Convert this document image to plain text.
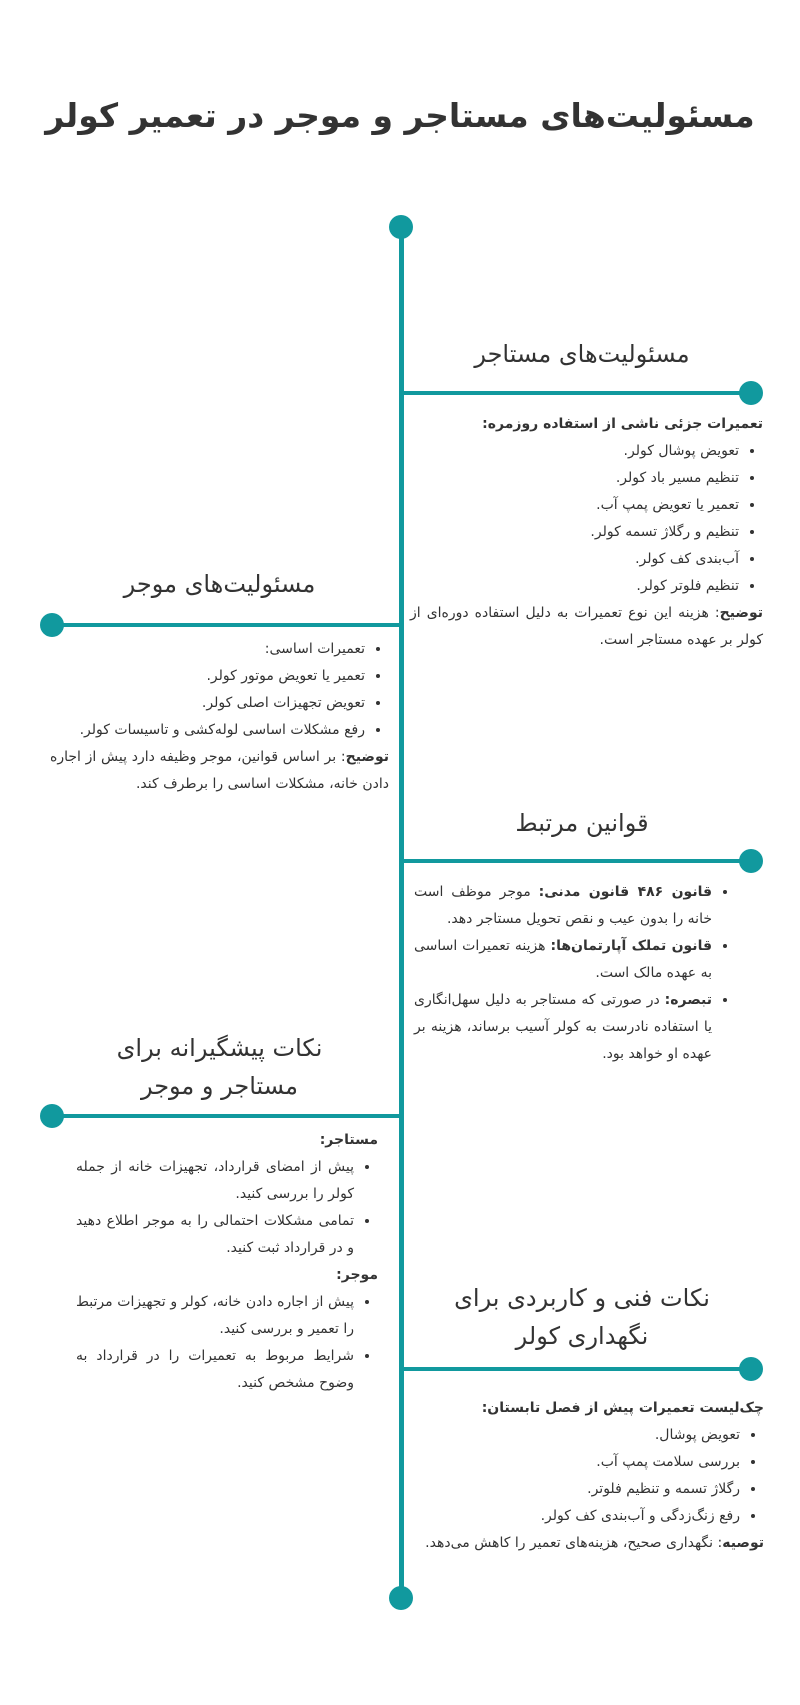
مسئولیت‌های مستاجر و موجر در تعمیر کولر
مسئولیت‌های مستاجر

تعمیرات جزئی ناشی از استفاده روزمره:

• تعویض پوشال کولر.
• تنظیم مسیر باد کولر.
• تعمیر یا تعویض پمپ آب.
• تنظیم و رگلاژ تسمه کولر.
• آب‌بندی کف کولر.
• تنظیم فلوتر کولر.

توضیح: هزینه این نوع تعمیرات به دلیل استفاده دوره‌ای از کولر بر عهده مستاجر است.

مسئولیت‌های موجر
• تعمیرات اساسی:
• تعمیر یا تعویض موتور کولر.
• تعویض تجهیزات اصلی کولر.
• رفع مشکلات اساسی لوله‌کشی و تاسیسات کولر.

توضیح: بر اساس قوانین، موجر وظیفه دارد پیش از اجاره دادن خانه، مشکلات اساسی را برطرف کند.

قوانین مرتبط
• قانون ۴۸۶ قانون مدنی: موجر موظف است خانه را بدون عیب و نقص تحویل مستاجر دهد.
• قانون تملک آپارتمان‌ها: هزینه تعمیرات اساسی به عهده مالک است.
• تبصره: در صورتی که مستاجر به دلیل سهل‌انگاری یا استفاده نادرست به کولر آسیب برساند، هزینه بر عهده او خواهد بود.
نکات پیشگیرانه برای
مستاجر و موجر

مستاجر:

• پیش از امضای قرارداد، تجهیزات خانه از جمله کولر را بررسی کنید.
• تمامی مشکلات احتمالی را به موجر اطلاع دهید و در قرارداد ثبت کنید.

موجر:

• پیش از اجاره دادن خانه، کولر و تجهیزات مرتبط را تعمیر و بررسی کنید.
• شرایط مربوط به تعمیرات را در قرارداد به وضوح مشخص کنید.
نکات فنی و کاربردی برای
نگهداری کولر

چک‌لیست تعمیرات پیش از فصل تابستان:

• تعویض پوشال.
• بررسی سلامت پمپ آب.
• رگلاژ تسمه و تنظیم فلوتر.
• رفع زنگ‌زدگی و آب‌بندی کف کولر.

توصیه: نگهداری صحیح، هزینه‌های تعمیر را کاهش می‌دهد.
